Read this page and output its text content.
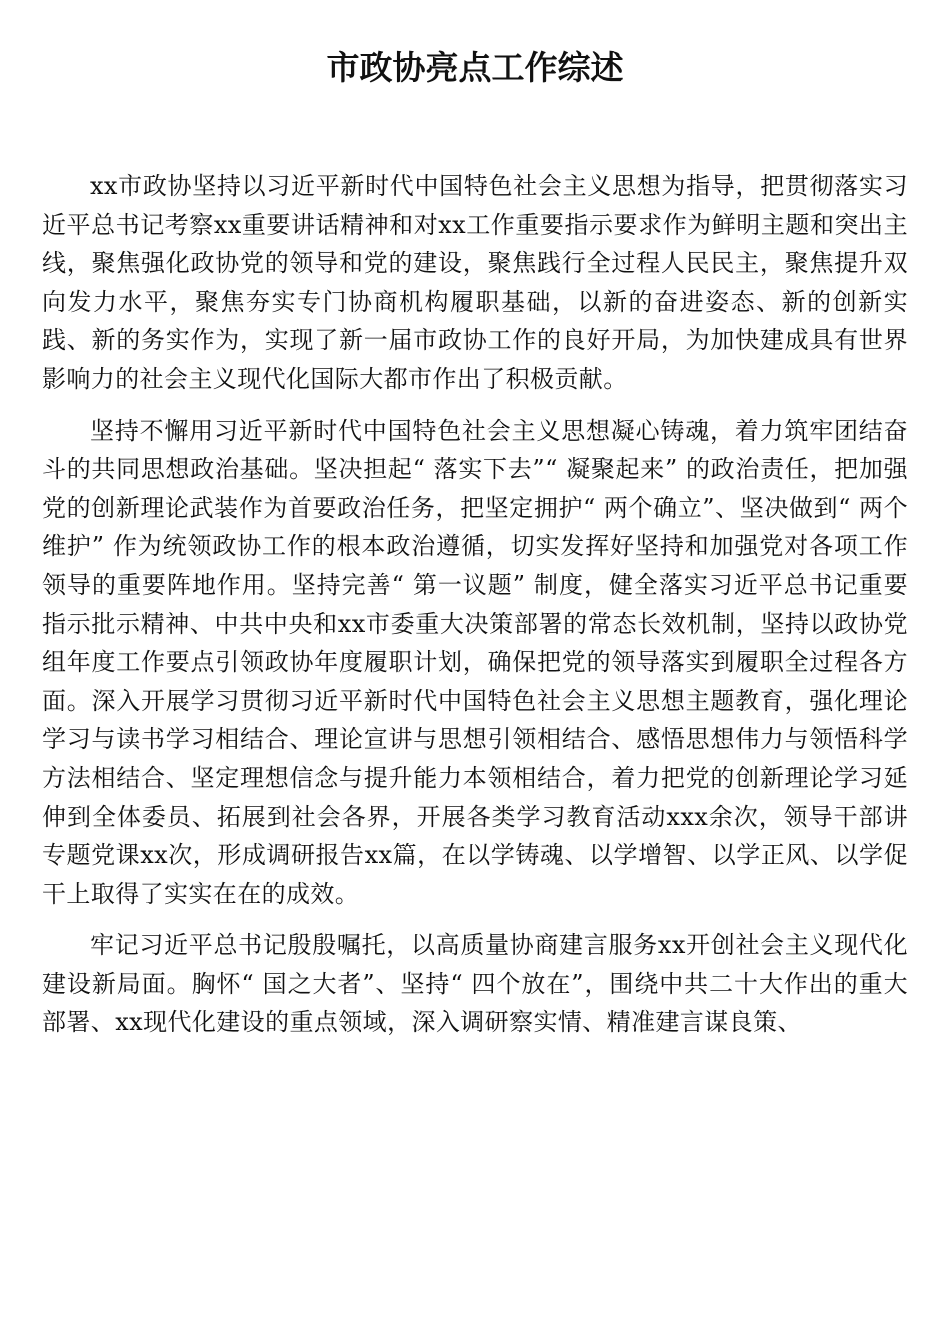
市政协亮点工作综述

xx市政协坚持以习近平新时代中国特色社会主义思想为指导，把贯彻落实习近平总书记考察xx重要讲话精神和对xx工作重要指示要求作为鲜明主题和突出主线，聚焦强化政协党的领导和党的建设，聚焦践行全过程人民民主，聚焦提升双向发力水平，聚焦夯实专门协商机构履职基础，以新的奋进姿态、新的创新实践、新的务实作为，实现了新一届市政协工作的良好开局，为加快建成具有世界影响力的社会主义现代化国际大都市作出了积极贡献。

坚持不懈用习近平新时代中国特色社会主义思想凝心铸魂，着力筑牢团结奋斗的共同思想政治基础。坚决担起“ 落实下去”“ 凝聚起来” 的政治责任，把加强党的创新理论武装作为首要政治任务，把坚定拥护“ 两个确立”、坚决做到“ 两个维护” 作为统领政协工作的根本政治遵循，切实发挥好坚持和加强党对各项工作领导的重要阵地作用。坚持完善“ 第一议题” 制度，健全落实习近平总书记重要指示批示精神、中共中央和xx市委重大决策部署的常态长效机制，坚持以政协党组年度工作要点引领政协年度履职计划，确保把党的领导落实到履职全过程各方面。深入开展学习贯彻习近平新时代中国特色社会主义思想主题教育，强化理论学习与读书学习相结合、理论宣讲与思想引领相结合、感悟思想伟力与领悟科学方法相结合、坚定理想信念与提升能力本领相结合，着力把党的创新理论学习延伸到全体委员、拓展到社会各界，开展各类学习教育活动xxx余次，领导干部讲专题党课xx次，形成调研报告xx篇，在以学铸魂、以学增智、以学正风、以学促干上取得了实实在在的成效。

牢记习近平总书记殷殷嘱托，以高质量协商建言服务xx开创社会主义现代化建设新局面。胸怀“ 国之大者”、坚持“ 四个放在”，围绕中共二十大作出的重大部署、xx现代化建设的重点领域，深入调研察实情、精准建言谋良策、
